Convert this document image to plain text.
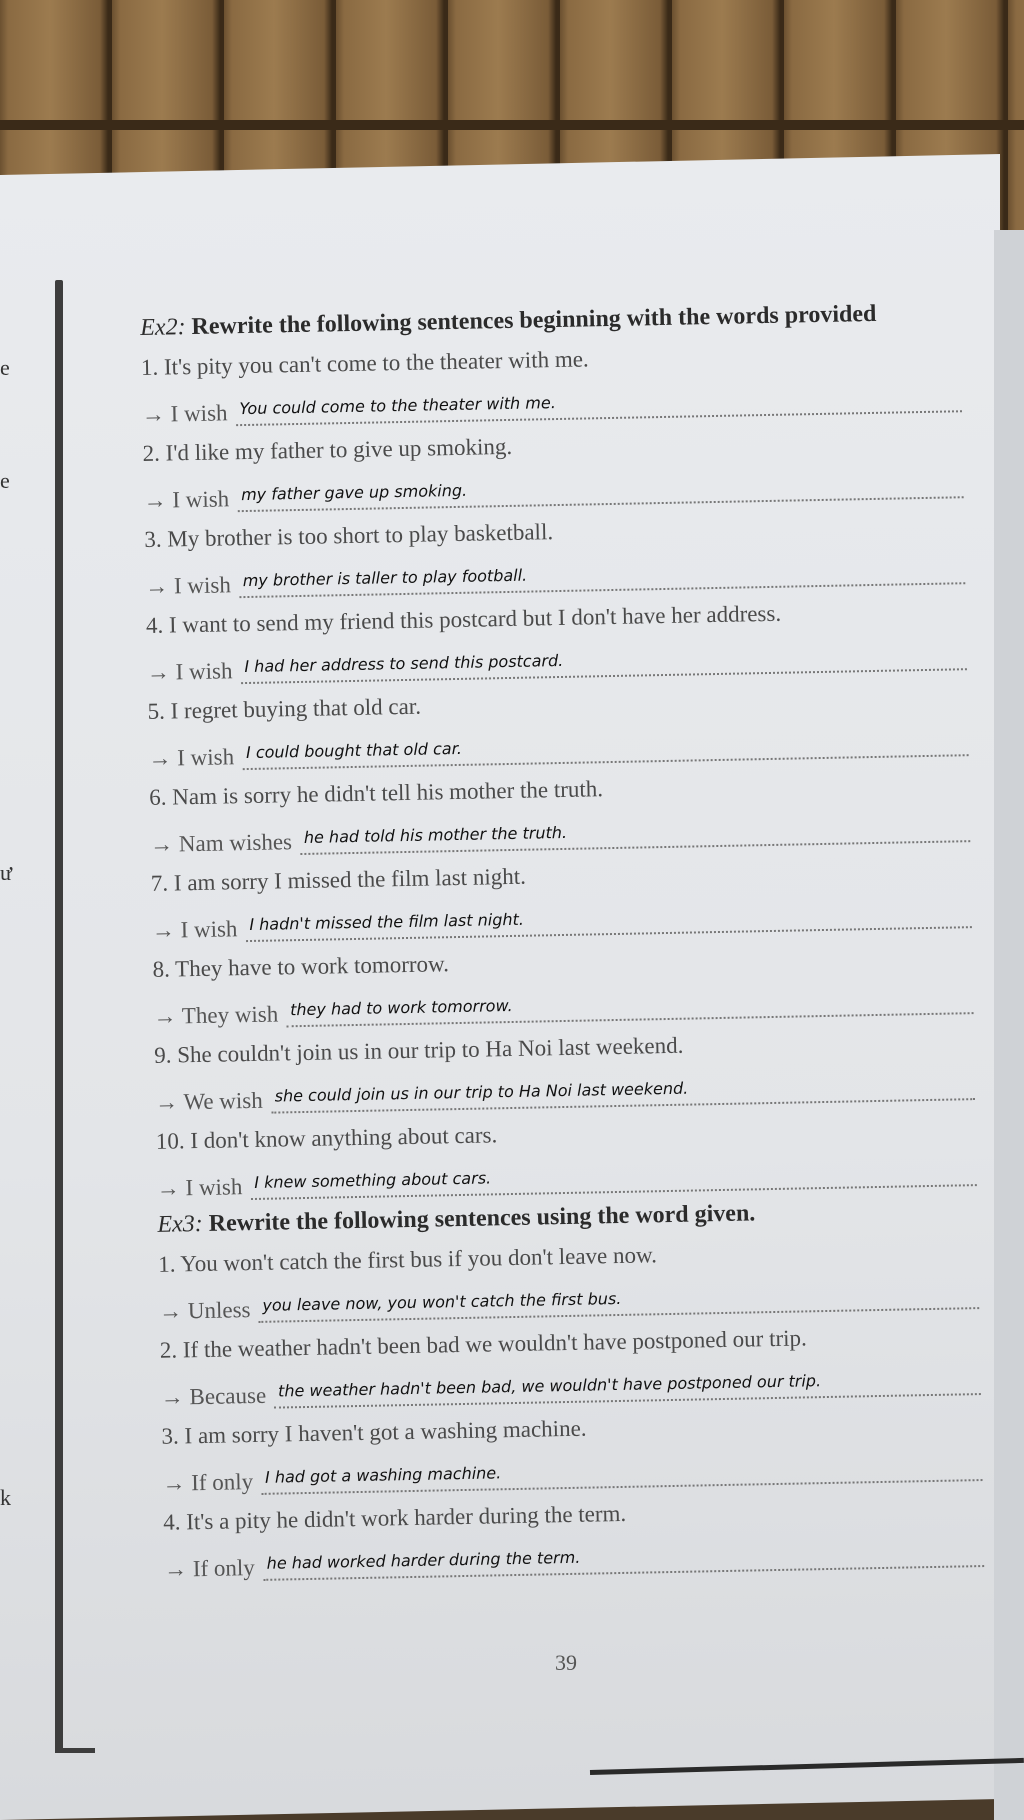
e
e
ư
k
Ex2: Rewrite the following sentences beginning with the words provided

1. It's pity you can't come to the theater with me.

→ I wish You could come to the theater with me.

2. I'd like my father to give up smoking.

→ I wish my father gave up smoking.

3. My brother is too short to play basketball.

→ I wish my brother is taller to play football.

4. I want to send my friend this postcard but I don't have her address.

→ I wish I had her address to send this postcard.

5. I regret buying that old car.

→ I wish I could bought that old car.

6. Nam is sorry he didn't tell his mother the truth.

→ Nam wishes he had told his mother the truth.

7. I am sorry I missed the film last night.

→ I wish I hadn't missed the film last night.

8. They have to work tomorrow.

→ They wish they had to work tomorrow.

9. She couldn't join us in our trip to Ha Noi last weekend.

→ We wish she could join us in our trip to Ha Noi last weekend.

10. I don't know anything about cars.

→ I wish I knew something about cars.
Ex3: Rewrite the following sentences using the word given.

1. You won't catch the first bus if you don't leave now.

→ Unless you leave now, you won't catch the first bus.

2. If the weather hadn't been bad we wouldn't have postponed our trip.

→ Because the weather hadn't been bad, we wouldn't have postponed our trip.

3. I am sorry I haven't got a washing machine.

→ If only I had got a washing machine.

4. It's a pity he didn't work harder during the term.

→ If only he had worked harder during the term.
39
